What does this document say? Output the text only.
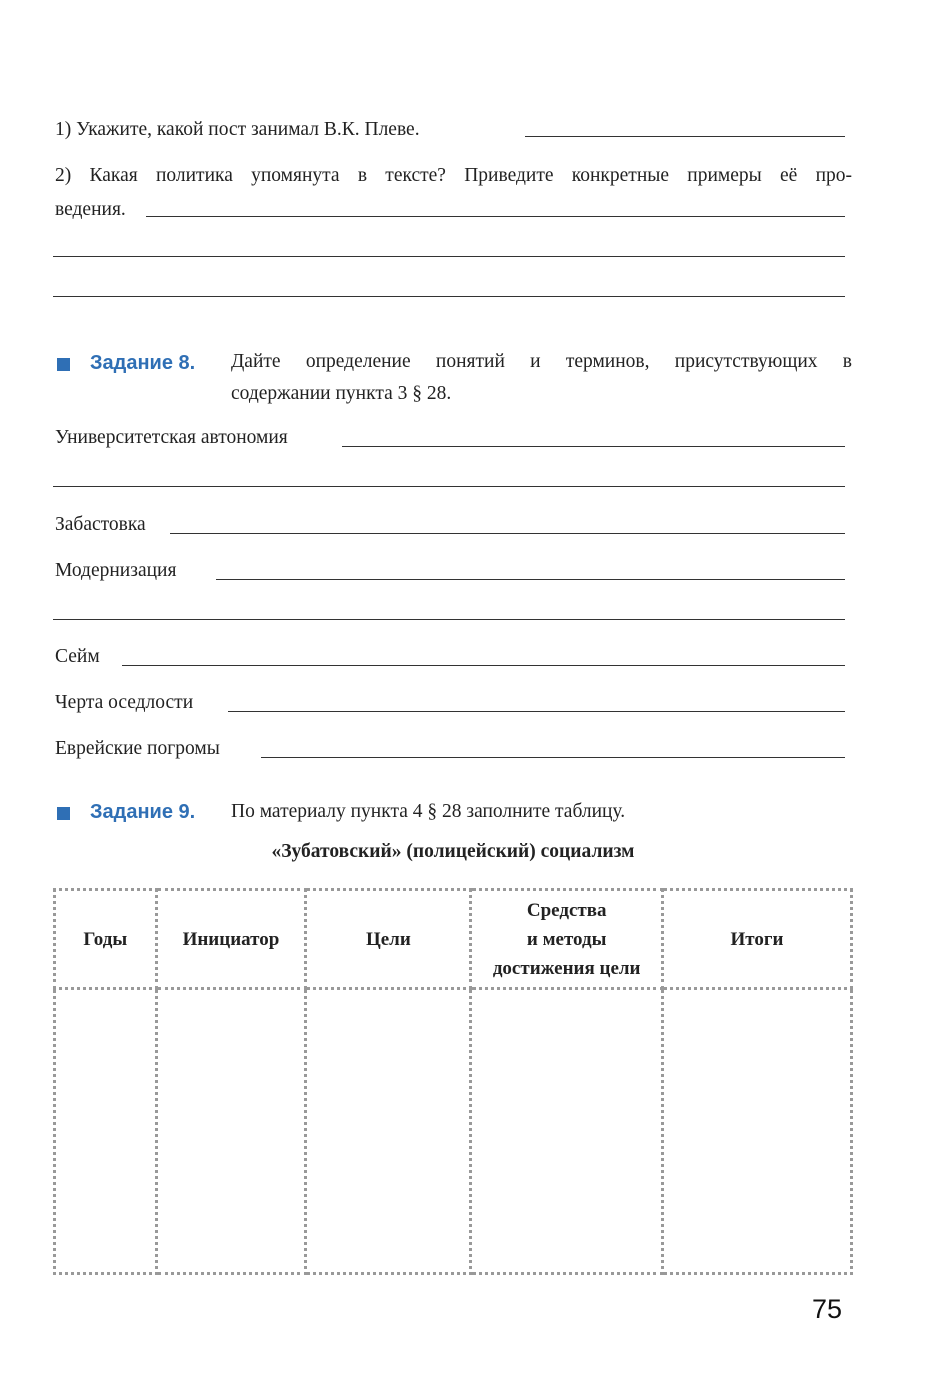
1) Укажите, какой пост занимал В.К. Плеве.
2) Какая политика упомянута в тексте? Приведите конкретные примеры её про-
ведения.
Задание 8. Дайте определение понятий и терминов, присутствующих в
содержании пункта 3 § 28.
Университетская автономия
Забастовка
Модернизация
Сейм
Черта оседлости
Еврейские погромы
Задание 9. По материалу пункта 4 § 28 заполните таблицу.
«Зубатовский» (полицейский) социализм
Годы	Инициатор	Цели	Средства
и методы
достижения цели	Итоги

75
